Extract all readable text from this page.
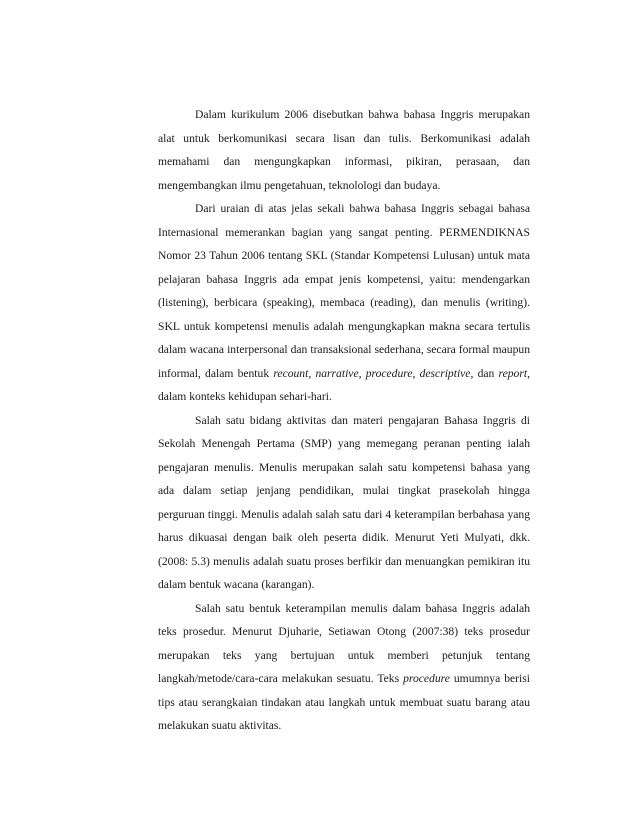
Dalam kurikulum 2006 disebutkan bahwa bahasa Inggris merupakan alat untuk berkomunikasi secara lisan dan tulis. Berkomunikasi adalah memahami dan mengungkapkan informasi, pikiran, perasaan, dan mengembangkan ilmu pengetahuan, teknolologi dan budaya.

Dari uraian di atas jelas sekali bahwa bahasa Inggris sebagai bahasa Internasional memerankan bagian yang sangat penting. PERMENDIKNAS Nomor 23 Tahun 2006 tentang SKL (Standar Kompetensi Lulusan) untuk mata pelajaran bahasa Inggris ada empat jenis kompetensi, yaitu: mendengarkan (listening), berbicara (speaking), membaca (reading), dan menulis (writing). SKL untuk kompetensi menulis adalah mengungkapkan makna secara tertulis dalam wacana interpersonal dan transaksional sederhana, secara formal maupun informal, dalam bentuk recount, narrative, procedure, descriptive, dan report, dalam konteks kehidupan sehari-hari.

Salah satu bidang aktivitas dan materi pengajaran Bahasa Inggris di Sekolah Menengah Pertama (SMP) yang memegang peranan penting ialah pengajaran menulis. Menulis merupakan salah satu kompetensi bahasa yang ada dalam setiap jenjang pendidikan, mulai tingkat prasekolah hingga perguruan tinggi. Menulis adalah salah satu dari 4 keterampilan berbahasa yang harus dikuasai dengan baik oleh peserta didik. Menurut Yeti Mulyati, dkk. (2008: 5.3) menulis adalah suatu proses berfikir dan menuangkan pemikiran itu dalam bentuk wacana (karangan).

Salah satu bentuk keterampilan menulis dalam bahasa Inggris adalah teks prosedur. Menurut Djuharie, Setiawan Otong (2007:38) teks prosedur merupakan teks yang bertujuan untuk memberi petunjuk tentang langkah/metode/cara-cara melakukan sesuatu. Teks procedure umumnya berisi tips atau serangkaian tindakan atau langkah untuk membuat suatu barang atau melakukan suatu aktivitas.
